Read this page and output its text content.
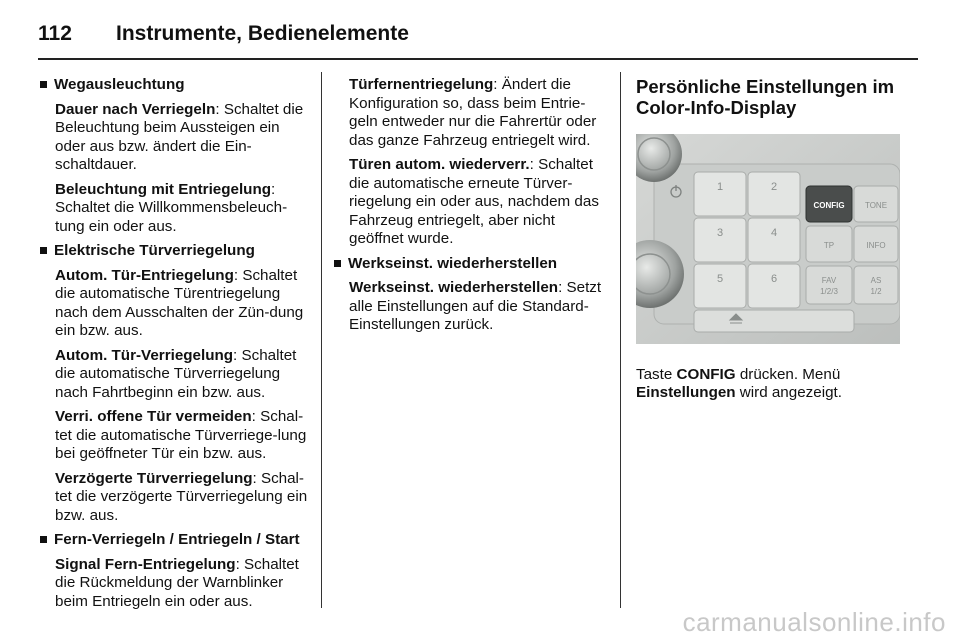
112 Instrumente, Bedienelemente
Wegausleuchtung

Dauer nach Verriegeln: Schaltet die Beleuchtung beim Aussteigen ein oder aus bzw. ändert die Ein-schaltdauer.

Beleuchtung mit Entriegelung: Schaltet die Willkommensbeleuch-tung ein oder aus.

Elektrische Türverriegelung

Autom. Tür-Entriegelung: Schaltet die automatische Türentriegelung nach dem Ausschalten der Zün-dung ein bzw. aus.

Autom. Tür-Verriegelung: Schaltet die automatische Türverriegelung nach Fahrtbeginn ein bzw. aus.

Verri. offene Tür vermeiden: Schal-tet die automatische Türverriege-lung bei geöffneter Tür ein bzw. aus.

Verzögerte Türverriegelung: Schal-tet die verzögerte Türverriegelung ein bzw. aus.

Fern-Verriegeln / Entriegeln / Start

Signal Fern-Entriegelung: Schaltet die Rückmeldung der Warnblinker beim Entriegeln ein oder aus.

Türfernentriegelung: Ändert die Konfiguration so, dass beim Entrie-geln entweder nur die Fahrertür oder das ganze Fahrzeug entriegelt wird.

Türen autom. wiederverr.: Schaltet die automatische erneute Türver-riegelung ein oder aus, nachdem das Fahrzeug entriegelt, aber nicht geöffnet wurde.

Werkseinst. wiederherstellen

Werkseinst. wiederherstellen: Setzt alle Einstellungen auf die Standard-Einstellungen zurück.

Persönliche Einstellungen im Color-Info-Display
1	2
3	4
5	6
CONFIG	TONE
TP	INFO
FAV
1/2/3
AS
1/2

Taste CONFIG drücken. Menü Einstellungen wird angezeigt.

carmanualsonline.info
